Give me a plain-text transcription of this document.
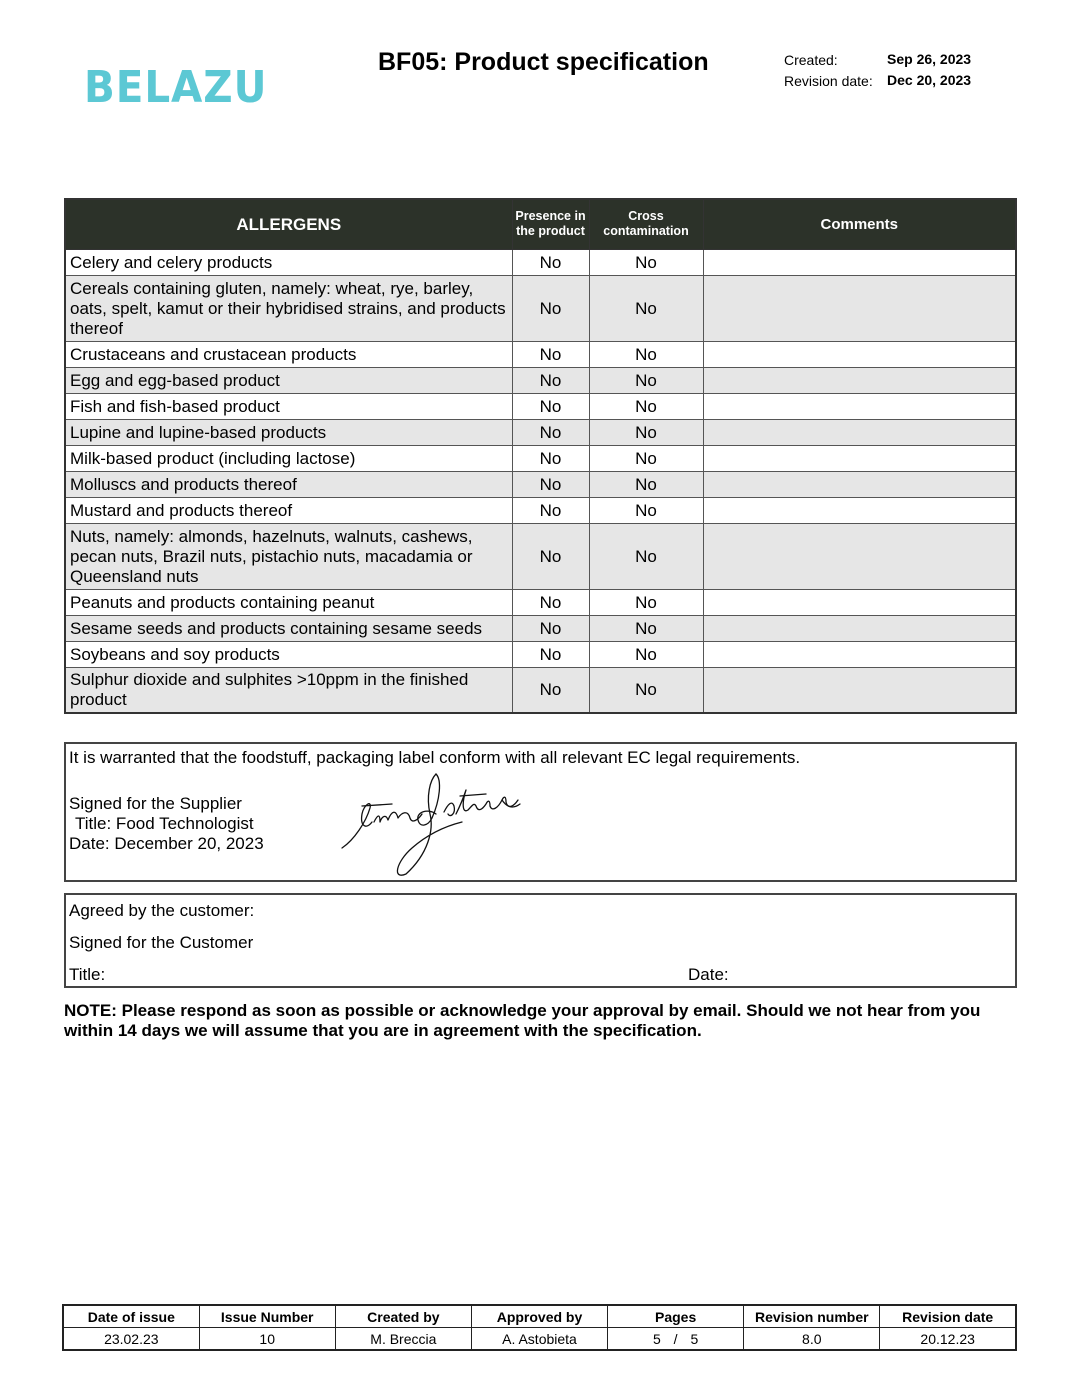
BELAZU	BF05: Product specification	Created:	Sep 26, 2023
Revision date: Dec 20, 2023
ALLERGENS	Presence in the product	Cross contamination	Comments
Celery and celery products	No	No	
Cereals containing gluten, namely: wheat, rye, barley, oats, spelt, kamut or their hybridised strains, and products thereof	No	No	
Crustaceans and crustacean products	No	No	
Egg and egg-based product	No	No	
Fish and fish-based product	No	No	
Lupine and lupine-based products	No	No	
Milk-based product (including lactose)	No	No	
Molluscs and products thereof	No	No	
Mustard and products thereof	No	No	
Nuts, namely: almonds, hazelnuts, walnuts, cashews, pecan nuts, Brazil nuts, pistachio nuts, macadamia or Queensland nuts	No	No	
Peanuts and products containing peanut	No	No	
Sesame seeds and products containing sesame seeds	No	No	
Soybeans and soy products	No	No	
Sulphur dioxide and sulphites >10ppm in the finished product	No	No	
It is warranted that the foodstuff, packaging label conform with all relevant EC legal requirements.
Signed for the Supplier
Title: Food Technologist
Date: December 20, 2023
Agreed by the customer:
Signed for the Customer
Title:	Date:
NOTE: Please respond as soon as possible or acknowledge your approval by email. Should we not hear from you within 14 days we will assume that you are in agreement with the specification.
Date of issue	Issue Number	Created by	Approved by	Pages	Revision number	Revision date
23.02.23	10	M. Breccia	A. Astobieta	5 / 5	8.0	20.12.23
